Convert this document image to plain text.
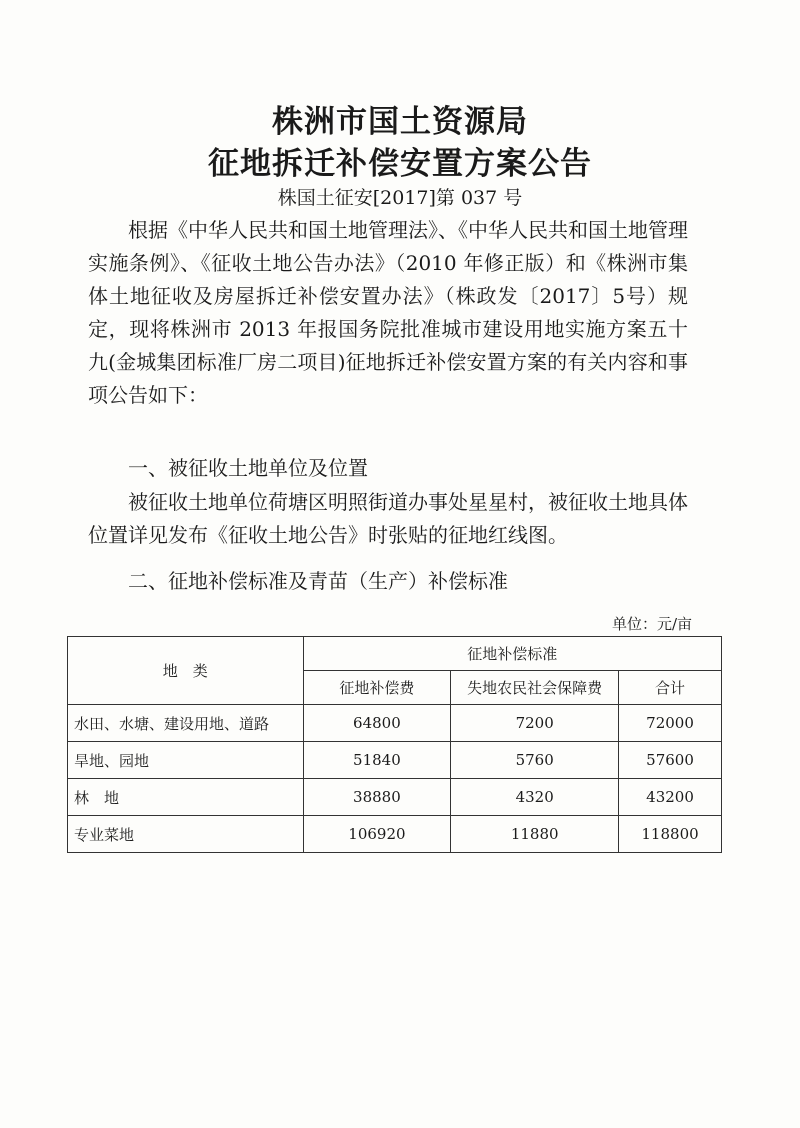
株洲市国土资源局
征地拆迁补偿安置方案公告
株国土征安[2017]第 037 号

根据《中华人民共和国土地管理法》、《中华人民共和国土地管理实施条例》、《征收土地公告办法》（2010 年修正版）和《株洲市集体土地征收及房屋拆迁补偿安置办法》（株政发〔2017〕5号）规定，现将株洲市 2013 年报国务院批准城市建设用地实施方案五十九(金城集团标准厂房二项目)征地拆迁补偿安置方案的有关内容和事项公告如下：

一、被征收土地单位及位置

被征收土地单位荷塘区明照街道办事处星星村，被征收土地具体位置详见发布《征收土地公告》时张贴的征地红线图。

二、征地补偿标准及青苗（生产）补偿标准
单位：元/亩
地　类	征地补偿标准		
	征地补偿费	失地农民社会保障费	合计
水田、水塘、建设用地、道路	64800	7200	72000
旱地、园地	51840	5760	57600
林　地	38880	4320	43200
专业菜地	106920	11880	118800
